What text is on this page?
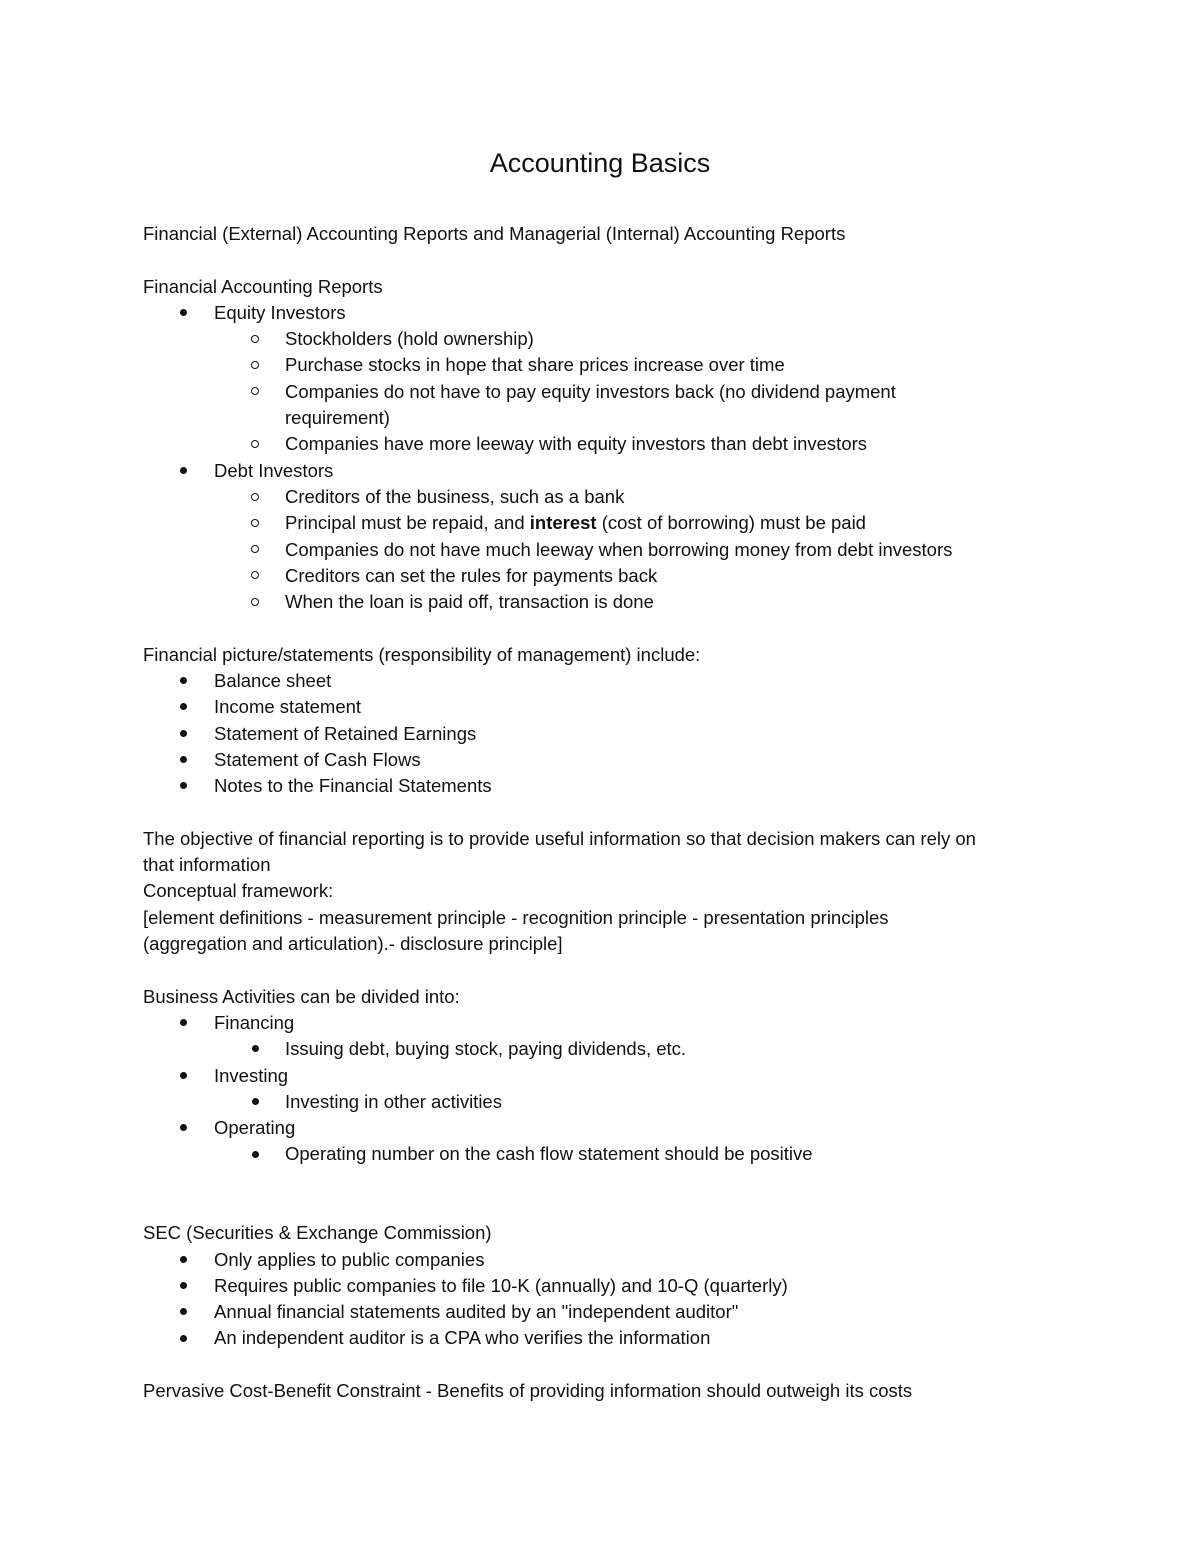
Accounting Basics

Financial (External) Accounting Reports and Managerial (Internal) Accounting Reports

Financial Accounting Reports

Equity Investors
Stockholders (hold ownership)
Purchase stocks in hope that share prices increase over time
Companies do not have to pay equity investors back (no dividend payment
requirement)
Companies have more leeway with equity investors than debt investors
Debt Investors
Creditors of the business, such as a bank
Principal must be repaid, and interest (cost of borrowing) must be paid
Companies do not have much leeway when borrowing money from debt investors
Creditors can set the rules for payments back
When the loan is paid off, transaction is done

Financial picture/statements (responsibility of management) include:

Balance sheet
Income statement
Statement of Retained Earnings
Statement of Cash Flows
Notes to the Financial Statements

The objective of financial reporting is to provide useful information so that decision makers can rely on
that information

Conceptual framework:

[element definitions - measurement principle - recognition principle - presentation principles
(aggregation and articulation).- disclosure principle]

Business Activities can be divided into:

Financing
Issuing debt, buying stock, paying dividends, etc.
Investing
Investing in other activities
Operating
Operating number on the cash flow statement should be positive

SEC (Securities & Exchange Commission)

Only applies to public companies
Requires public companies to file 10-K (annually) and 10-Q (quarterly)
Annual financial statements audited by an "independent auditor"
An independent auditor is a CPA who verifies the information

Pervasive Cost-Benefit Constraint - Benefits of providing information should outweigh its costs
